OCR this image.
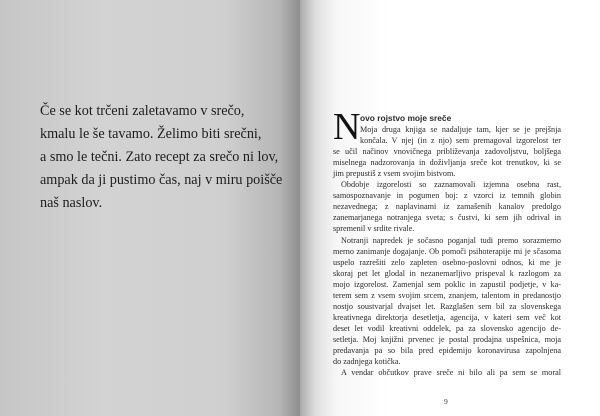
Če se kot trčeni zaletavamo v srečo,
kmalu le še tavamo. Želimo biti srečni,
a smo le tečni. Zato recept za srečo ni lov,
ampak da ji pustimo čas, naj v miru poišče
naš naslov.
N ovo rojstvo moje sreče
Moja druga knjiga se nadaljuje tam, kjer se je prejšnja
končala. V njej (in z njo) sem premagoval izgorelost ter
se učil načinov vnovičnega približevanja zadovoljstvu, boljšega
miselnega nadzorovanja in doživljanja sreče kot trenutkov, ki se
jim prepustiš z vsem svojim bistvom.
Obdobje izgorelosti so zaznamovali izjemna osebna rast,
samospoznavanje in pogumen boj: z vzorci iz temnih globin
nezavednega; z naplavinami iz zamašenih kanalov predolgo
zanemarjanega notranjega sveta; s čustvi, ki sem jih odrival in
spremenil v srdite rivale.
Notranji napredek je sočasno poganjal tudi premo sorazmerno
merno zanimanje dogajanje. Ob pomoči psihoterapije mi je sčasoma
uspelo razrešiti zelo zapleten osebno-poslovni odnos, ki me je
skoraj pet let glodal in nezanemarljivo prispeval k razlogom za
mojo izgorelost. Zamenjal sem poklic in zapustil podjetje, v ka-
terem sem z vsem svojim srcem, znanjem, talentom in predanostjo
nostjo soustvarjal dvajset let. Razglašen sem bil za slovenskega
kreativnega direktorja desetletja, agencija, v kateri sem več kot
deset let vodil kreativni oddelek, pa za slovensko agencijo de-
setletja. Moj knjižni prvenec je postal prodajna uspešnica, moja
predavanja pa so bila pred epidemijo koronavirusa zapolnjena
do zadnjega kotička.
A vendar občutkov prave sreče ni bilo ali pa sem se moral
9
